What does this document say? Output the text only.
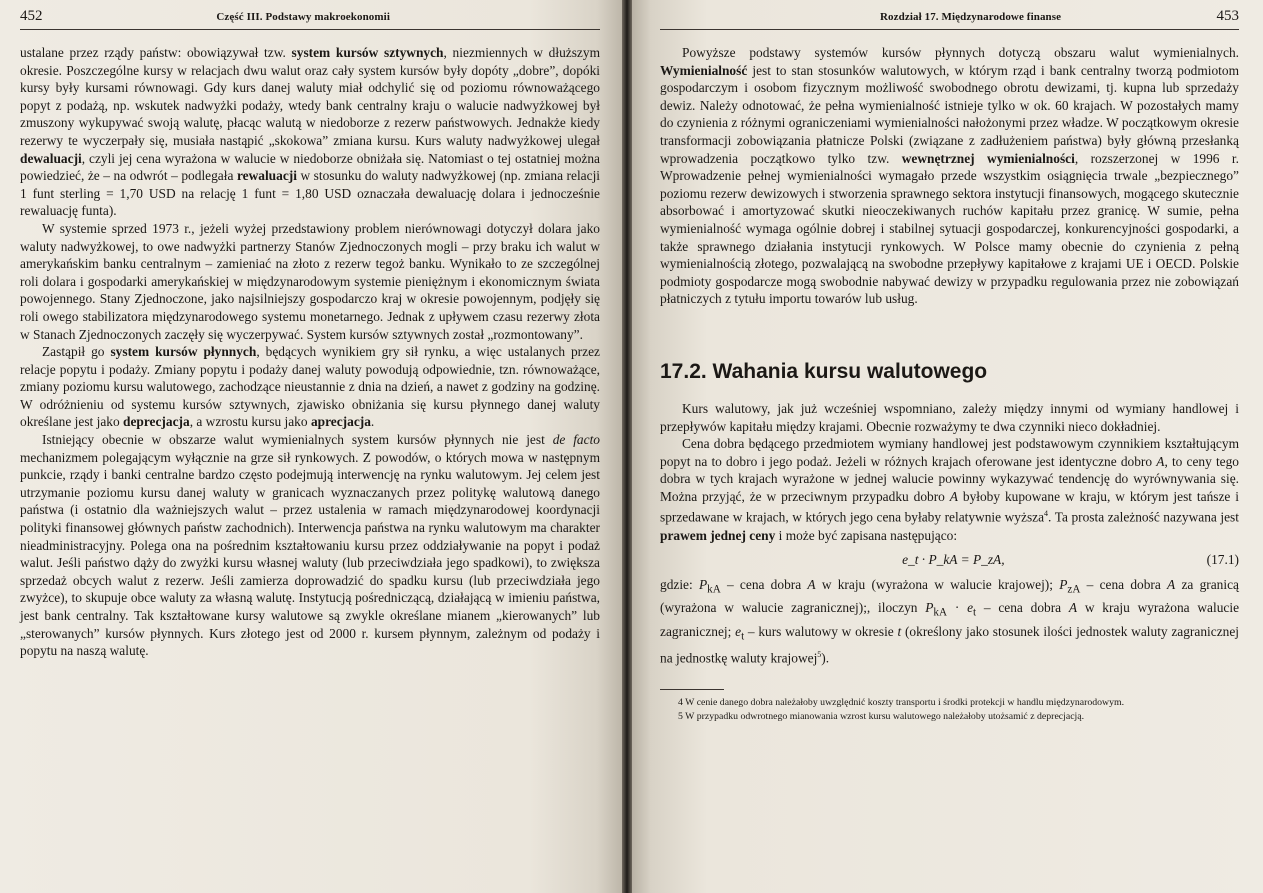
452	Część III. Podstawy makroekonomii

ustalane przez rządy państw: obowiązywał tzw. system kursów sztywnych, niezmiennych w dłuższym okresie. Poszczególne kursy w relacjach dwu walut oraz cały system kursów były dopóty „dobre”, dopóki kursy były kursami równowagi. Gdy kurs danej waluty miał odchylić się od poziomu równoważącego popyt z podażą, np. wskutek nadwyżki podaży, wtedy bank centralny kraju o walucie nadwyżkowej był zmuszony wykupywać swoją walutę, płacąc walutą w niedoborze z rezerw państwowych. Jednakże kiedy rezerwy te wyczerpały się, musiała nastąpić „skokowa” zmiana kursu. Kurs waluty nadwyżkowej ulegał dewaluacji, czyli jej cena wyrażona w walucie w niedoborze obniżała się. Natomiast o tej ostatniej można powiedzieć, że – na odwrót – podlegała rewaluacji w stosunku do waluty nadwyżkowej (np. zmiana relacji 1 funt sterling = 1,70 USD na relację 1 funt = 1,80 USD oznaczała dewaluację dolara i jednocześnie rewaluację funta).

W systemie sprzed 1973 r., jeżeli wyżej przedstawiony problem nierównowagi dotyczył dolara jako waluty nadwyżkowej, to owe nadwyżki partnerzy Stanów Zjednoczonych mogli – przy braku ich walut w amerykańskim banku centralnym – zamieniać na złoto z rezerw tegoż banku. Wynikało to ze szczególnej roli dolara i gospodarki amerykańskiej w międzynarodowym systemie pieniężnym i ekonomicznym świata powojennego. Stany Zjednoczone, jako najsilniejszy gospodarczo kraj w okresie powojennym, podjęły się roli owego stabilizatora międzynarodowego systemu monetarnego. Jednak z upływem czasu rezerwy złota w Stanach Zjednoczonych zaczęły się wyczerpywać. System kursów sztywnych został „rozmontowany”.

Zastąpił go system kursów płynnych, będących wynikiem gry sił rynku, a więc ustalanych przez relacje popytu i podaży. Zmiany popytu i podaży danej waluty powodują odpowiednie, tzn. równoważące, zmiany poziomu kursu walutowego, zachodzące nieustannie z dnia na dzień, a nawet z godziny na godzinę. W odróżnieniu od systemu kursów sztywnych, zjawisko obniżania się kursu płynnego danej waluty określane jest jako deprecjacja, a wzrostu kursu jako aprecjacja.

Istniejący obecnie w obszarze walut wymienialnych system kursów płynnych nie jest de facto mechanizmem polegającym wyłącznie na grze sił rynkowych. Z powodów, o których mowa w następnym punkcie, rządy i banki centralne bardzo często podejmują interwencję na rynku walutowym. Jej celem jest utrzymanie poziomu kursu danej waluty w granicach wyznaczanych przez politykę walutową danego państwa (i ostatnio dla ważniejszych walut – przez ustalenia w ramach międzynarodowej koordynacji polityki finansowej głównych państw zachodnich). Interwencja państwa na rynku walutowym ma charakter nieadministracyjny. Polega ona na pośrednim kształtowaniu kursu przez oddziaływanie na popyt i podaż walut. Jeśli państwo dąży do zwyżki kursu własnej waluty (lub przeciwdziała jego spadkowi), to zwiększa sprzedaż obcych walut z rezerw. Jeśli zamierza doprowadzić do spadku kursu (lub przeciwdziała jego zwyżce), to skupuje obce waluty za własną walutę. Instytucją pośredniczącą, działającą w imieniu państwa, jest bank centralny. Tak kształtowane kursy walutowe są zwykle określane mianem „kierowanych” lub „sterowanych” kursów płynnych. Kurs złotego jest od 2000 r. kursem płynnym, zależnym od podaży i popytu na naszą walutę.

Rozdział 17. Międzynarodowe finanse	453

Powyższe podstawy systemów kursów płynnych dotyczą obszaru walut wymienialnych. Wymienialność jest to stan stosunków walutowych, w którym rząd i bank centralny tworzą podmiotom gospodarczym i osobom fizycznym możliwość swobodnego obrotu dewizami, tj. kupna lub sprzedaży dewiz. Należy odnotować, że pełna wymienialność istnieje tylko w ok. 60 krajach. W pozostałych mamy do czynienia z różnymi ograniczeniami wymienialności nałożonymi przez władze. W początkowym okresie transformacji zobowiązania płatnicze Polski (związane z zadłużeniem państwa) były główną przesłanką wprowadzenia początkowo tylko tzw. wewnętrznej wymienialności, rozszerzonej w 1996 r. Wprowadzenie pełnej wymienialności wymagało przede wszystkim osiągnięcia trwale „bezpiecznego” poziomu rezerw dewizowych i stworzenia sprawnego sektora instytucji finansowych, mogącego skutecznie absorbować i amortyzować skutki nieoczekiwanych ruchów kapitału przez granicę. W sumie, pełna wymienialność wymaga ogólnie dobrej i stabilnej sytuacji gospodarczej, konkurencyjności gospodarki, a także sprawnego działania instytucji rynkowych. W Polsce mamy obecnie do czynienia z pełną wymienialnością złotego, pozwalającą na swobodne przepływy kapitałowe z krajami UE i OECD. Polskie podmioty gospodarcze mogą swobodnie nabywać dewizy w przypadku regulowania przez nie zobowiązań płatniczych z tytułu importu towarów lub usług.

17.2. Wahania kursu walutowego

Kurs walutowy, jak już wcześniej wspomniano, zależy między innymi od wymiany handlowej i przepływów kapitału między krajami. Obecnie rozważymy te dwa czynniki nieco dokładniej.

Cena dobra będącego przedmiotem wymiany handlowej jest podstawowym czynnikiem kształtującym popyt na to dobro i jego podaż. Jeżeli w różnych krajach oferowane jest identyczne dobro A, to ceny tego dobra w tych krajach wyrażone w jednej walucie powinny wykazywać tendencję do wyrównywania się. Można przyjąć, że w przeciwnym przypadku dobro A byłoby kupowane w kraju, w którym jest tańsze i sprzedawane w krajach, w których jego cena byłaby relatywnie wyższa$^4$. Ta prosta zależność nazywana jest prawem jednej ceny i może być zapisana następująco:

e_t · P_kA = P_zA,	(17.1)

gdzie: $P_{kA}$ – cena dobra A w kraju (wyrażona w walucie krajowej); $P_{zA}$ – cena dobra A za granicą (wyrażona w walucie zagranicznej);, iloczyn $P_{kA} \cdot e_t$ – cena dobra A w kraju wyrażona walucie zagranicznej; $e_t$ – kurs walutowy w okresie t (określony jako stosunek ilości jednostek waluty zagranicznej na jednostkę waluty krajowej$^5$).

4 W cenie danego dobra należałoby uwzględnić koszty transportu i środki protekcji w handlu międzynarodowym.

5 W przypadku odwrotnego mianowania wzrost kursu walutowego należałoby utożsamić z deprecjacją.
